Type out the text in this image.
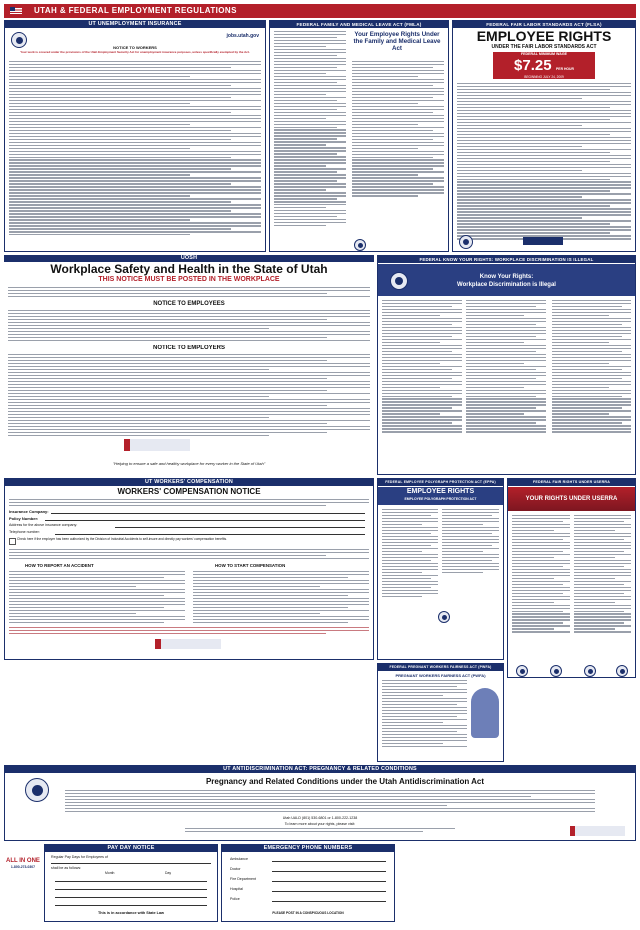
UTAH & FEDERAL EMPLOYMENT REGULATIONS
UT UNEMPLOYMENT INSURANCE
jobs.utah.gov
NOTICE TO WORKERS
Your work is covered under the provisions of the Utah Employment Security Act for unemployment insurance purposes, unless specifically exempted by the Act.
FEDERAL FAMILY AND MEDICAL LEAVE ACT (FMLA)
Your Employee Rights Under the Family and Medical Leave Act
FEDERAL FAIR LABOR STANDARDS ACT (FLSA)
EMPLOYEE RIGHTS
UNDER THE FAIR LABOR STANDARDS ACT
FEDERAL MINIMUM WAGE
$7.25 PER HOUR
BEGINNING JULY 24, 2009
UOSH
Workplace Safety and Health in the State of Utah
THIS NOTICE MUST BE POSTED IN THE WORKPLACE
NOTICE TO EMPLOYEES
NOTICE TO EMPLOYERS
"Helping to ensure a safe and healthy workplace for every worker in the State of Utah"
FEDERAL KNOW YOUR RIGHTS: WORKPLACE DISCRIMINATION IS ILLEGAL
Know Your Rights:
Workplace Discrimination is Illegal
UT WORKERS' COMPENSATION
WORKERS' COMPENSATION NOTICE
Insurance Company:
Policy Number:
Address for the above insurance company:
Telephone number:
Check here if the employer has been authorized by the Division of Industrial Accidents to self-insure and directly pay workers' compensation benefits.
HOW TO REPORT AN ACCIDENT	HOW TO START COMPENSATION
FEDERAL EMPLOYEE POLYGRAPH PROTECTION ACT (EPPA)
EMPLOYEE RIGHTS
EMPLOYEE POLYGRAPH PROTECTION ACT
FEDERAL FAIR RIGHTS UNDER USERRA
YOUR RIGHTS UNDER USERRA
FEDERAL PREGNANT WORKERS FAIRNESS ACT (PWFA)
PREGNANT WORKERS FAIRNESS ACT (PWFA)
UT ANTIDISCRIMINATION ACT: PREGNANCY & RELATED CONDITIONS
Pregnancy and Related Conditions under the Utah Antidiscrimination Act
Utah UALD (801) 530-6801 or 1-800-222-1238
To learn more about your rights, please visit:
ALL IN ONE
1-800-273-0307
PAY DAY NOTICE
Regular Pay Days for Employees of
shall be as follows:
Month	Day
This is in accordance with State Law
EMERGENCY PHONE NUMBERS
Ambulance
Doctor
Fire Department
Hospital
Police
PLEASE POST IN A CONSPICUOUS LOCATION
